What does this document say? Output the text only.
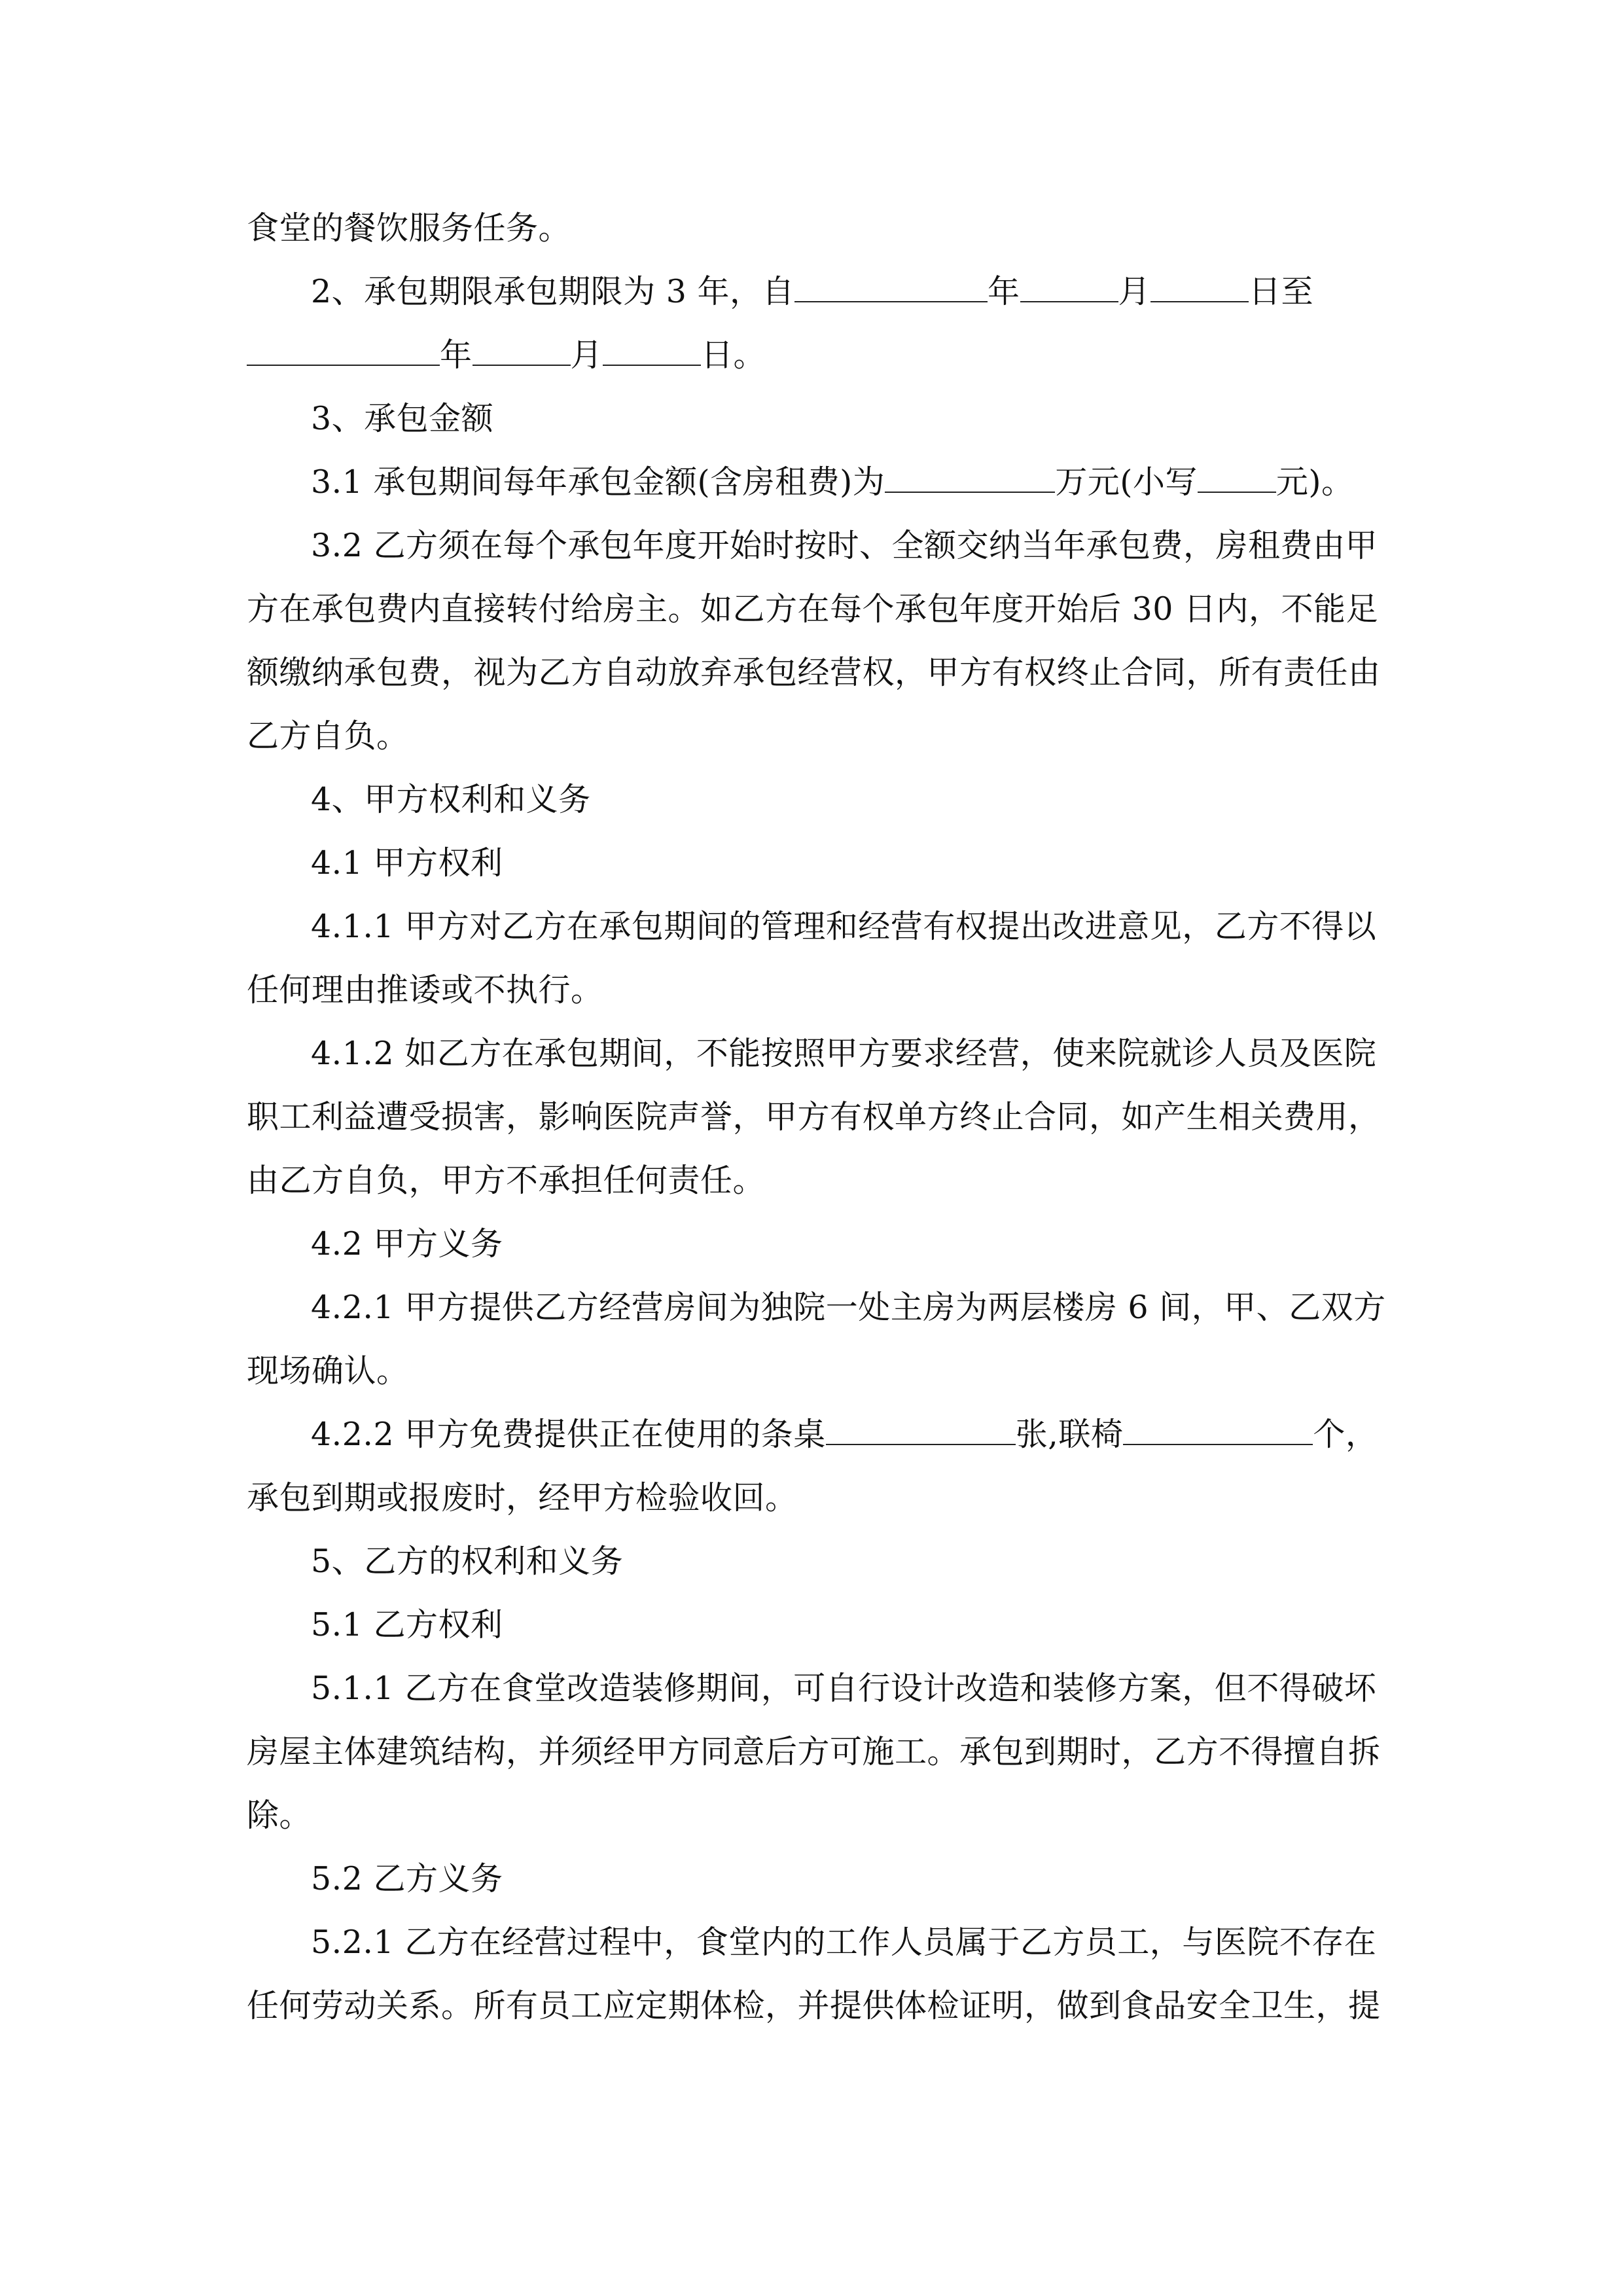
食堂的餐饮服务任务。

2、承包期限承包期限为 3 年，自	年	月	日至

年	月	日。

3、承包金额

3.1 承包期间每年承包金额(含房租费)为	万元(小写 元)。

3.2 乙方须在每个承包年度开始时按时、全额交纳当年承包费，房租费由甲

方在承包费内直接转付给房主。如乙方在每个承包年度开始后 30 日内，不能足

额缴纳承包费，视为乙方自动放弃承包经营权，甲方有权终止合同，所有责任由

乙方自负。

4、甲方权利和义务

4.1 甲方权利

4.1.1 甲方对乙方在承包期间的管理和经营有权提出改进意见，乙方不得以

任何理由推诿或不执行。

4.1.2 如乙方在承包期间，不能按照甲方要求经营，使来院就诊人员及医院

职工利益遭受损害，影响医院声誉，甲方有权单方终止合同，如产生相关费用，

由乙方自负，甲方不承担任何责任。

4.2 甲方义务

4.2.1 甲方提供乙方经营房间为独院一处主房为两层楼房 6 间，甲、乙双方

现场确认。

4.2.2 甲方免费提供正在使用的条桌	张,联椅	个，

承包到期或报废时，经甲方检验收回。

5、乙方的权利和义务

5.1 乙方权利

5.1.1 乙方在食堂改造装修期间，可自行设计改造和装修方案，但不得破坏

房屋主体建筑结构，并须经甲方同意后方可施工。承包到期时，乙方不得擅自拆

除。

5.2 乙方义务

5.2.1 乙方在经营过程中，食堂内的工作人员属于乙方员工，与医院不存在

任何劳动关系。所有员工应定期体检，并提供体检证明，做到食品安全卫生，提
